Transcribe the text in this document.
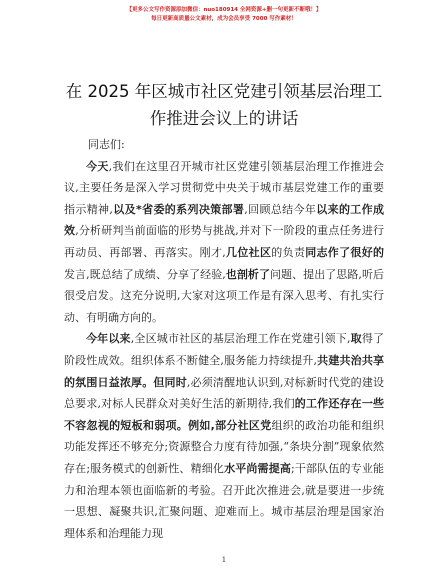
【更多公文写作资源添加微信：nuo180914 全网资源+删一句更新不断哦！】
每日更新高质量公文素材，成为会员享受 7000 写作素材！
在 2025 年区城市社区党建引领基层治理工作推进会议上的讲话

同志们:

今天,我们在这里召开城市社区党建引领基层治理工作推进会议,主要任务是深入学习贯彻党中央关于城市基层党建工作的重要指示精神,以及*省委的系列决策部署,回顾总结今年以来的工作成效,分析研判当前面临的形势与挑战,并对下一阶段的重点任务进行再动员、再部署、再落实。刚才,几位社区的负责同志作了很好的发言,既总结了成绩、分享了经验,也剖析了问题、提出了思路,听后很受启发。这充分说明,大家对这项工作是有深入思考、有扎实行动、有明确方向的。

今年以来,全区城市社区的基层治理工作在党建引领下,取得了阶段性成效。组织体系不断健全,服务能力持续提升,共建共治共享的氛围日益浓厚。但同时,必须清醒地认识到,对标新时代党的建设总要求,对标人民群众对美好生活的新期待,我们的工作还存在一些不容忽视的短板和弱项。例如,部分社区党组织的政治功能和组织功能发挥还不够充分;资源整合力度有待加强,“条块分割”现象依然存在;服务模式的创新性、精细化水平尚需提高;干部队伍的专业能力和治理本领也面临新的考验。召开此次推进会,就是要进一步统一思想、凝聚共识,汇聚问题、迎难而上。城市基层治理是国家治理体系和治理能力现

1
